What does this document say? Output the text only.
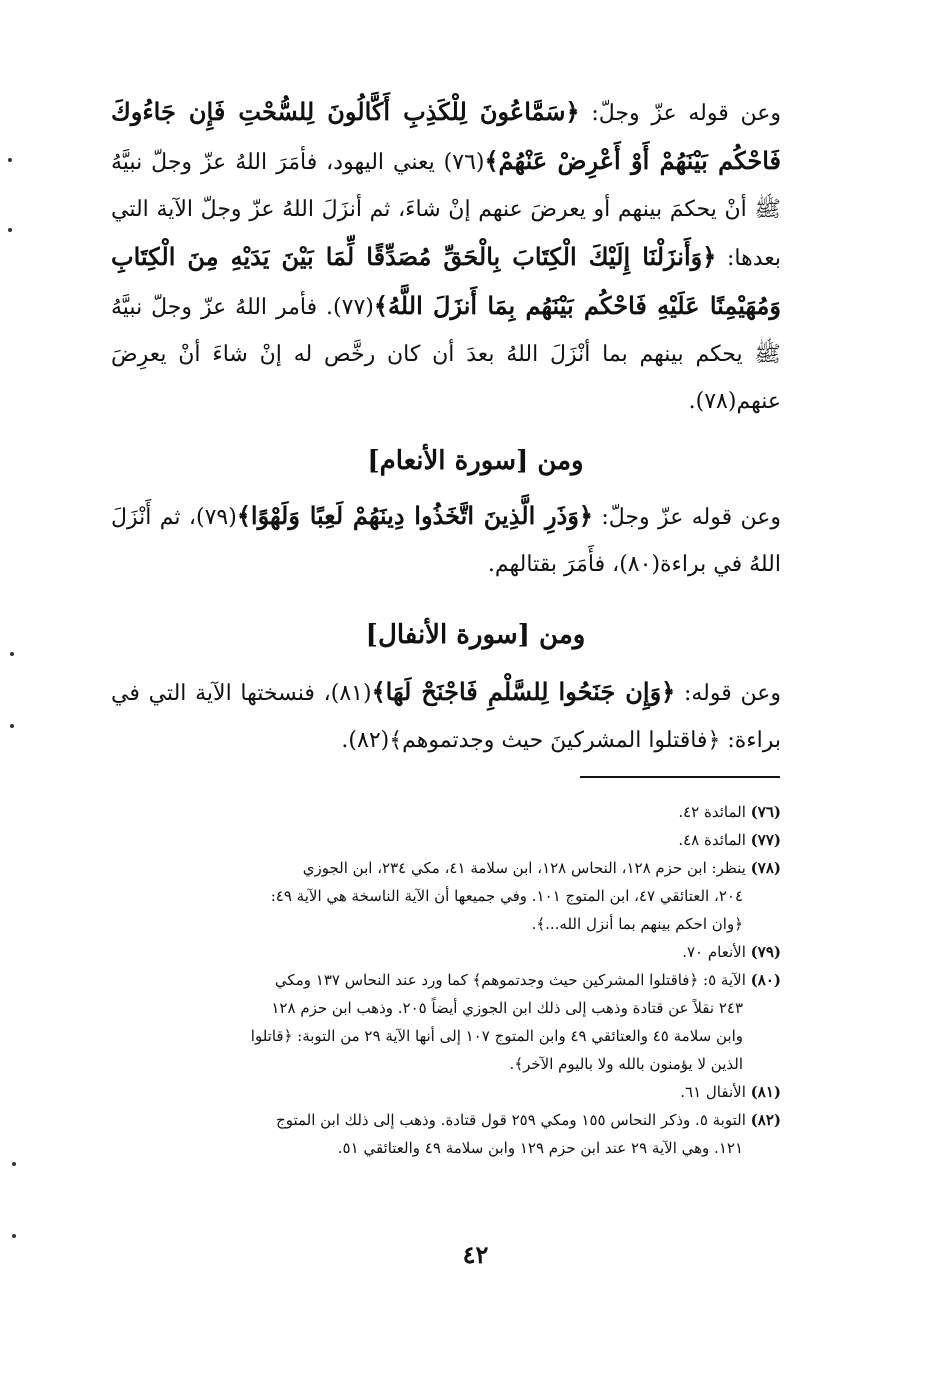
وعن قوله عزّ وجلّ: ﴿سَمَّاعُونَ لِلْكَذِبِ أَكَّالُونَ لِلسُّحْتِ فَإِن جَاءُوكَ فَاحْكُم بَيْنَهُمْ أَوْ أَعْرِضْ عَنْهُمْ﴾(٧٦) يعني اليهود، فأمَرَ اللهُ عزّ وجلّ نبيَّهُ ﷺ أنْ يحكمَ بينهم أو يعرضَ عنهم إنْ شاءَ، ثم أنزَلَ اللهُ عزّ وجلّ الآية التي بعدها: ﴿وَأَنزَلْنَا إِلَيْكَ الْكِتَابَ بِالْحَقِّ مُصَدِّقًا لِّمَا بَيْنَ يَدَيْهِ مِنَ الْكِتَابِ وَمُهَيْمِنًا عَلَيْهِ فَاحْكُم بَيْنَهُم بِمَا أَنزَلَ اللَّهُ﴾(٧٧). فأمر اللهُ عزّ وجلّ نبيَّهُ ﷺ يحكم بينهم بما أنْزَلَ اللهُ بعدَ أن كان رخَّص له إنْ شاءَ أنْ يعرِضَ عنهم(٧٨).
ومن [سورة الأنعام]
وعن قوله عزّ وجلّ: ﴿وَذَرِ الَّذِينَ اتَّخَذُوا دِينَهُمْ لَعِبًا وَلَهْوًا﴾(٧٩)، ثم أَنْزَلَ اللهُ في براءة(٨٠)، فأَمَرَ بقتالهم.
ومن [سورة الأنفال]
وعن قوله: ﴿وَإِن جَنَحُوا لِلسَّلْمِ فَاجْنَحْ لَهَا﴾(٨١)، فنسختها الآية التي في براءة: ﴿فاقتلوا المشركينَ حيث وجدتموهم﴾(٨٢).

(٧٦) المائدة ٤٢.

(٧٧) المائدة ٤٨.

(٧٨) ينظر: ابن حزم ١٢٨، النحاس ١٢٨، ابن سلامة ٤١، مكي ٢٣٤، ابن الجوزي

٢٠٤، العتائقي ٤٧، ابن المتوج ١٠١. وفي جميعها أن الآية الناسخة هي الآية ٤٩:

﴿وان احكم بينهم بما أنزل الله...﴾.

(٧٩) الأنعام ٧٠.

(٨٠) الآية ٥: ﴿فاقتلوا المشركين حيث وجدتموهم﴾ كما ورد عند النحاس ١٣٧ ومكي

٢٤٣ نقلاً عن قتادة وذهب إلى ذلك ابن الجوزي أيضاً ٢٠٥. وذهب ابن حزم ١٢٨

وابن سلامة ٤٥ والعتائقي ٤٩ وابن المتوج ١٠٧ إلى أنها الآية ٢٩ من التوبة: ﴿قاتلوا

الذين لا يؤمنون بالله ولا باليوم الآخر﴾.

(٨١) الأنفال ٦١.

(٨٢) التوبة ٥. وذكر النحاس ١٥٥ ومكي ٢٥٩ قول قتادة. وذهب إلى ذلك ابن المتوج

١٢١. وهي الآية ٢٩ عند ابن حزم ١٢٩ وابن سلامة ٤٩ والعتائقي ٥١.

٤٢
